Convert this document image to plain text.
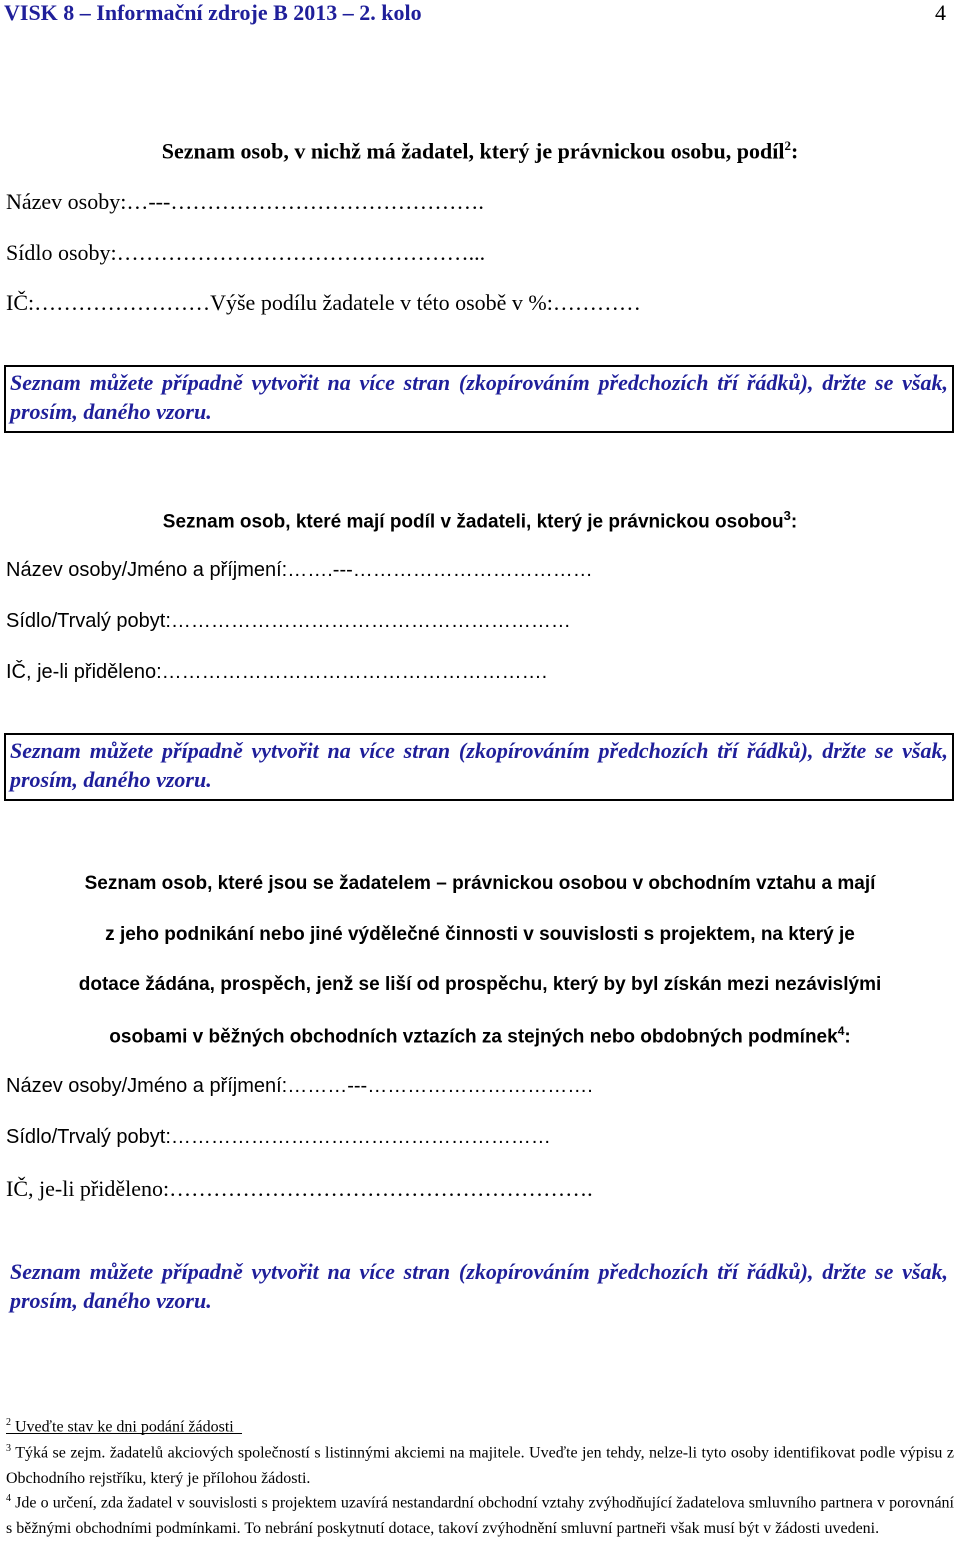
VISK 8 – Informační zdroje B 2013 – 2. kolo	4
Seznam osob, v nichž má žadatel, který je právnickou osobu, podíl$^2$:
Název osoby:…---…………………………………….
Sídlo osoby:…………………………………………...
IČ:……………………Výše podílu žadatele v této osobě v %:…………
Seznam můžete případně vytvořit na více stran (zkopírováním předchozích tří řádků), držte se však, prosím, daného vzoru.
Seznam osob, které mají podíl v žadateli, který je právnickou osobou$^3$:
Název osoby/Jméno a příjmení:…….---………………………………
Sídlo/Trvalý pobyt:……………………………………………………
IČ, je-li přiděleno:………………………………………………….
Seznam můžete případně vytvořit na více stran (zkopírováním předchozích tří řádků), držte se však, prosím, daného vzoru.
Seznam osob, které jsou se žadatelem – právnickou osobou v obchodním vztahu a mají
z jeho podnikání nebo jiné výdělečné činnosti v souvislosti s projektem, na který je
dotace žádána, prospěch, jenž se liší od prospěchu, který by byl získán mezi nezávislými
osobami v běžných obchodních vztazích za stejných nebo obdobných podmínek$^4$:
Název osoby/Jméno a příjmení:………---…………………………….
Sídlo/Trvalý pobyt:…………………………………………………
IČ, je-li přiděleno:………………………………………………….
Seznam můžete případně vytvořit na více stran (zkopírováním předchozích tří řádků), držte se však, prosím, daného vzoru.
$^2$ Uveďte stav ke dni podání žádosti
$^3$ Týká se zejm. žadatelů akciových společností s listinnými akciemi na majitele. Uveďte jen tehdy, nelze-li tyto osoby identifikovat podle výpisu z Obchodního rejstříku, který je přílohou žádosti.
$^4$ Jde o určení, zda žadatel v souvislosti s projektem uzavírá nestandardní obchodní vztahy zvýhodňující žadatelova smluvního partnera v porovnání s běžnými obchodními podmínkami. To nebrání poskytnutí dotace, takoví zvýhodnění smluvní partneři však musí být v žádosti uvedeni.
